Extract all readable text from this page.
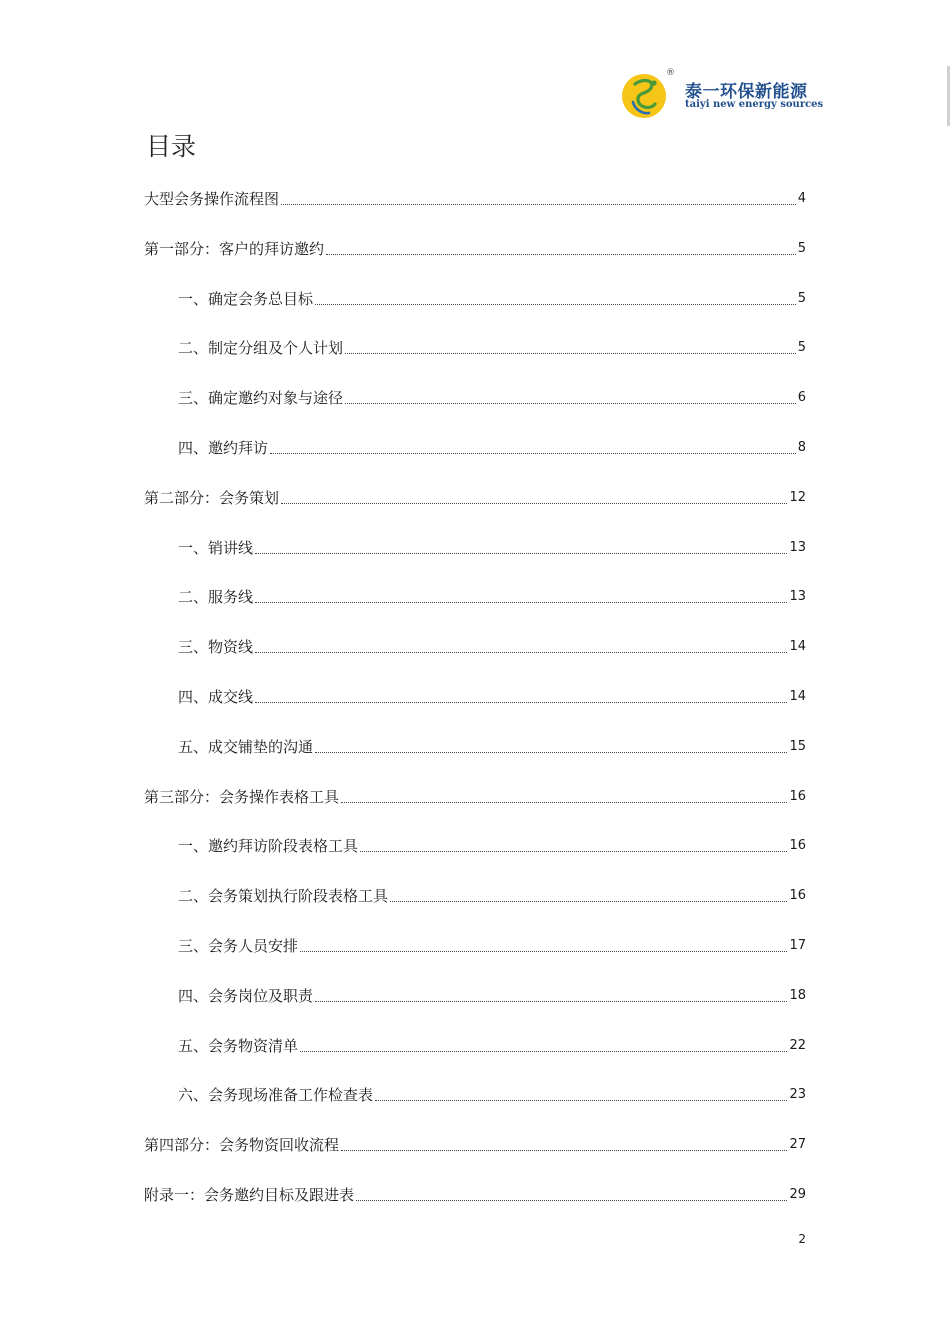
®
泰一环保新能源
taiyi new energy sources
目录
大型会务操作流程图	4
第一部分：客户的拜访邀约	5
一、确定会务总目标	5
二、制定分组及个人计划	5
三、确定邀约对象与途径	6
四、邀约拜访	8
第二部分：会务策划	12
一、销讲线	13
二、服务线	13
三、物资线	14
四、成交线	14
五、成交铺垫的沟通	15
第三部分：会务操作表格工具	16
一、邀约拜访阶段表格工具	16
二、会务策划执行阶段表格工具	16
三、会务人员安排	17
四、会务岗位及职责	18
五、会务物资清单	22
六、会务现场准备工作检查表	23
第四部分：会务物资回收流程	27
附录一：会务邀约目标及跟进表	29
2
